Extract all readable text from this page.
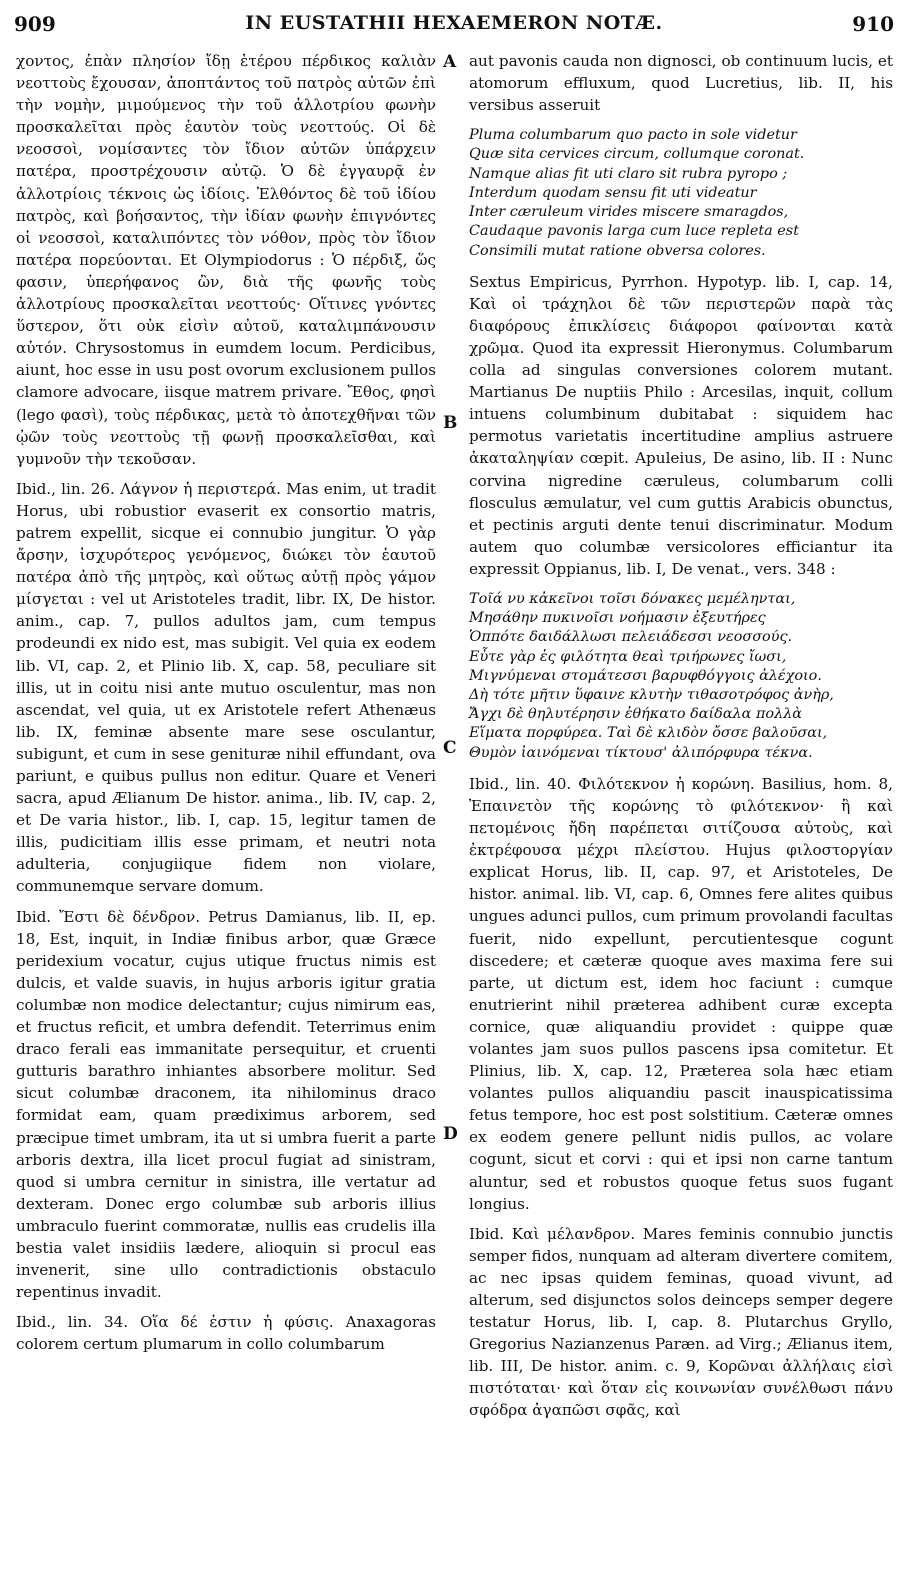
909	IN EUSTATHII HEXAEMERON NOTÆ.	910
A
B
C
D

χοντος, ἐπὰν πλησίον ἴδῃ ἑτέρου πέρδικος καλιὰν νεοττοὺς ἔχουσαν, ἀποπτάντος τοῦ πατρὸς αὐτῶν ἐπὶ τὴν νομὴν, μιμούμενος τὴν τοῦ ἀλλοτρίου φωνὴν προσκαλεῖται πρὸς ἑαυτὸν τοὺς νεοττούς. Οἱ δὲ νεοσσοὶ, νομίσαντες τὸν ἴδιον αὐτῶν ὑπάρχειν πατέρα, προστρέχουσιν αὐτῷ. Ὁ δὲ ἐγγαυρᾷ ἐν ἀλλοτρίοις τέκνοις ὡς ἰδίοις. Ἐλθόντος δὲ τοῦ ἰδίου πατρὸς, καὶ βοήσαντος, τὴν ἰδίαν φωνὴν ἐπιγνόντες οἱ νεοσσοὶ, καταλιπόντες τὸν νόθον, πρὸς τὸν ἴδιον πατέρα πορεύονται. Et Olympiodorus : Ὁ πέρδιξ, ὥς φασιν, ὑπερήφανος ὢν, διὰ τῆς φωνῆς τοὺς ἀλλοτρίους προσκαλεῖται νεοττούς· Οἵτινες γνόντες ὕστερον, ὅτι οὐκ εἰσὶν αὐτοῦ, καταλιμπάνουσιν αὐτόν. Chrysostomus in eumdem locum. Perdicibus, aiunt, hoc esse in usu post ovorum exclusionem pullos clamore advocare, iisque matrem privare. Ἔθος, φησὶ (lego φασὶ), τοὺς πέρδικας, μετὰ τὸ ἀποτεχθῆναι τῶν ᾠῶν τοὺς νεοττοὺς τῇ φωνῇ προσκαλεῖσθαι, καὶ γυμνοῦν τὴν τεκοῦσαν.

Ibid., lin. 26. Λάγνον ἡ περιστερά. Mas enim, ut tradit Horus, ubi robustior evaserit ex consortio matris, patrem expellit, sicque ei connubio jungitur. Ὁ γὰρ ἄρσην, ἰσχυρότερος γενόμενος, διώκει τὸν ἑαυτοῦ πατέρα ἀπὸ τῆς μητρὸς, καὶ οὕτως αὐτῇ πρὸς γάμον μίσγεται : vel ut Aristoteles tradit, libr. IX, De histor. anim., cap. 7, pullos adultos jam, cum tempus prodeundi ex nido est, mas subigit. Vel quia ex eodem lib. VI, cap. 2, et Plinio lib. X, cap. 58, peculiare sit illis, ut in coitu nisi ante mutuo osculentur, mas non ascendat, vel quia, ut ex Aristotele refert Athenæus lib. IX, feminæ absente mare sese osculantur, subigunt, et cum in sese genituræ nihil effundant, ova pariunt, e quibus pullus non editur. Quare et Veneri sacra, apud Ælianum De histor. anima., lib. IV, cap. 2, et De varia histor., lib. I, cap. 15, legitur tamen de illis, pudicitiam illis esse primam, et neutri nota adulteria, conjugiique fidem non violare, communemque servare domum.

Ibid. Ἔστι δὲ δένδρον. Petrus Damianus, lib. II, ep. 18, Est, inquit, in Indiæ finibus arbor, quæ Græce peridexium vocatur, cujus utique fructus nimis est dulcis, et valde suavis, in hujus arboris igitur gratia columbæ non modice delectantur; cujus nimirum eas, et fructus reficit, et umbra defendit. Teterrimus enim draco ferali eas immanitate persequitur, et cruenti gutturis barathro inhiantes absorbere molitur. Sed sicut columbæ draconem, ita nihilominus draco formidat eam, quam prædiximus arborem, sed præcipue timet umbram, ita ut si umbra fuerit a parte arboris dextra, illa licet procul fugiat ad sinistram, quod si umbra cernitur in sinistra, ille vertatur ad dexteram. Donec ergo columbæ sub arboris illius umbraculo fuerint commoratæ, nullis eas crudelis illa bestia valet insidiis lædere, alioquin si procul eas invenerit, sine ullo contradictionis obstaculo repentinus invadit.

Ibid., lin. 34. Οἵα δέ ἐστιν ἡ φύσις. Anaxagoras colorem certum plumarum in collo columbarum

aut pavonis cauda non dignosci, ob continuum lucis, et atomorum effluxum, quod Lucretius, lib. II, his versibus asseruit

Pluma columbarum quo pacto in sole videtur
Quæ sita cervices circum, collumque coronat.
Namque alias fit uti claro sit rubra pyropo ;
Interdum quodam sensu fit uti videatur
Inter cæruleum virides miscere smaragdos,
Caudaque pavonis larga cum luce repleta est
Consimili mutat ratione obversa colores.

Sextus Empiricus, Pyrrhon. Hypotyp. lib. I, cap. 14, Καὶ οἱ τράχηλοι δὲ τῶν περιστερῶν παρὰ τὰς διαφόρους ἐπικλίσεις διάφοροι φαίνονται κατὰ χρῶμα. Quod ita expressit Hieronymus. Columbarum colla ad singulas conversiones colorem mutant. Martianus De nuptiis Philo : Arcesilas, inquit, collum intuens columbinum dubitabat : siquidem hac permotus varietatis incertitudine amplius astruere ἀκαταληψίαν cœpit. Apuleius, De asino, lib. II : Nunc corvina nigredine cæruleus, columbarum colli flosculus æmulatur, vel cum guttis Arabicis obunctus, et pectinis arguti dente tenui discriminatur. Modum autem quo columbæ versicolores efficiantur ita expressit Oppianus, lib. I, De venat., vers. 348 :

Τοῖά νυ κἀκεῖνοι τοῖσι δόνακες μεμέληνται,
Μησάθην πυκινοῖσι νοήμασιν ἐξευτήρες
Ὁππότε δαιδάλλωσι πελειάδεσσι νεοσσούς.
Εὖτε γὰρ ἐς φιλότητα θεαὶ τριήρωνες ἴωσι,
Μιγνύμεναι στομάτεσσι βαρυφθόγγοις ἀλέχοιο.
Δὴ τότε μῆτιν ὕφαινε κλυτὴν τιθασοτρόφος ἀνὴρ,
Ἄγχι δὲ θηλυτέρησιν ἐθήκατο δαίδαλα πολλὰ
Εἵματα πορφύρεα. Ταὶ δὲ κλιδὸν ὄσσε βαλοῦσαι,
Θυμὸν ἰαινόμεναι τίκτουσ' ἀλιπόρφυρα τέκνα.

Ibid., lin. 40. Φιλότεκνον ἡ κορώνη. Basilius, hom. 8, Ἐπαινετὸν τῆς κορώνης τὸ φιλότεκνον· ἢ καὶ πετομένοις ἤδη παρέπεται σιτίζουσα αὐτοὺς, καὶ ἐκτρέφουσα μέχρι πλείστου. Hujus φιλοστοργίαν explicat Horus, lib. II, cap. 97, et Aristoteles, De histor. animal. lib. VI, cap. 6, Omnes fere alites quibus ungues adunci pullos, cum primum provolandi facultas fuerit, nido expellunt, percutientesque cogunt discedere; et cæteræ quoque aves maxima fere sui parte, ut dictum est, idem hoc faciunt : cumque enutrierint nihil præterea adhibent curæ excepta cornice, quæ aliquandiu providet : quippe quæ volantes jam suos pullos pascens ipsa comitetur. Et Plinius, lib. X, cap. 12, Præterea sola hæc etiam volantes pullos aliquandiu pascit inauspicatissima fetus tempore, hoc est post solstitium. Cæteræ omnes ex eodem genere pellunt nidis pullos, ac volare cogunt, sicut et corvi : qui et ipsi non carne tantum aluntur, sed et robustos quoque fetus suos fugant longius.

Ibid. Καὶ μέλανδρον. Mares feminis connubio junctis semper fidos, nunquam ad alteram divertere comitem, ac nec ipsas quidem feminas, quoad vivunt, ad alterum, sed disjunctos solos deinceps semper degere testatur Horus, lib. I, cap. 8. Plutarchus Gryllo, Gregorius Nazianzenus Paræn. ad Virg.; Ælianus item, lib. III, De histor. anim. c. 9, Κορῶναι ἀλλήλαις εἰσὶ πιστόταται· καὶ ὅταν εἰς κοινωνίαν συνέλθωσι πάνυ σφόδρα ἀγαπῶσι σφᾶς, καὶ
